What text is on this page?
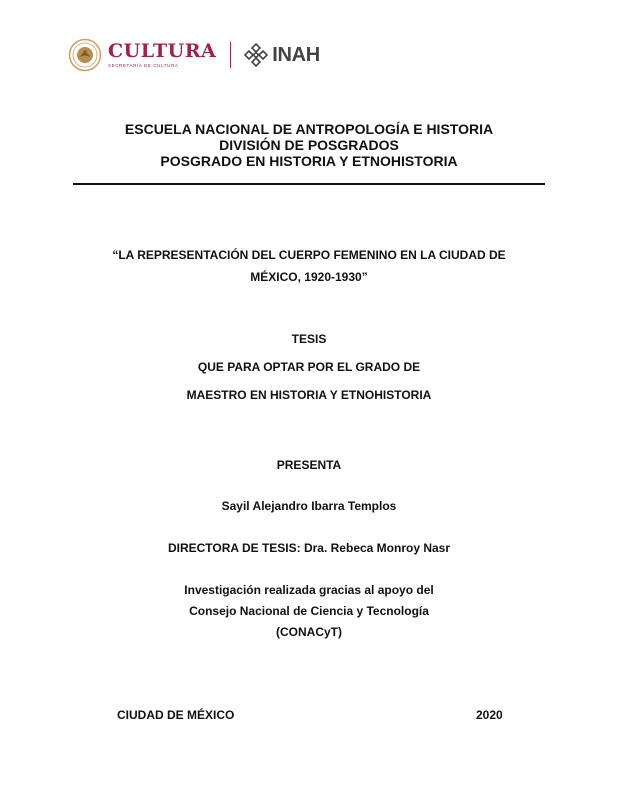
CULTURA
SECRETARÍA DE CULTURA	INAH
ESCUELA NACIONAL DE ANTROPOLOGÍA E HISTORIA
DIVISIÓN DE POSGRADOS
POSGRADO EN HISTORIA Y ETNOHISTORIA
“LA REPRESENTACIÓN DEL CUERPO FEMENINO EN LA CIUDAD DE
MÉXICO, 1920-1930”
TESIS
QUE PARA OPTAR POR EL GRADO DE
MAESTRO EN HISTORIA Y ETNOHISTORIA
PRESENTA
Sayil Alejandro Ibarra Templos
DIRECTORA DE TESIS: Dra. Rebeca Monroy Nasr
Investigación realizada gracias al apoyo del
Consejo Nacional de Ciencia y Tecnología
(CONACyT)
CIUDAD DE MÉXICO	2020
